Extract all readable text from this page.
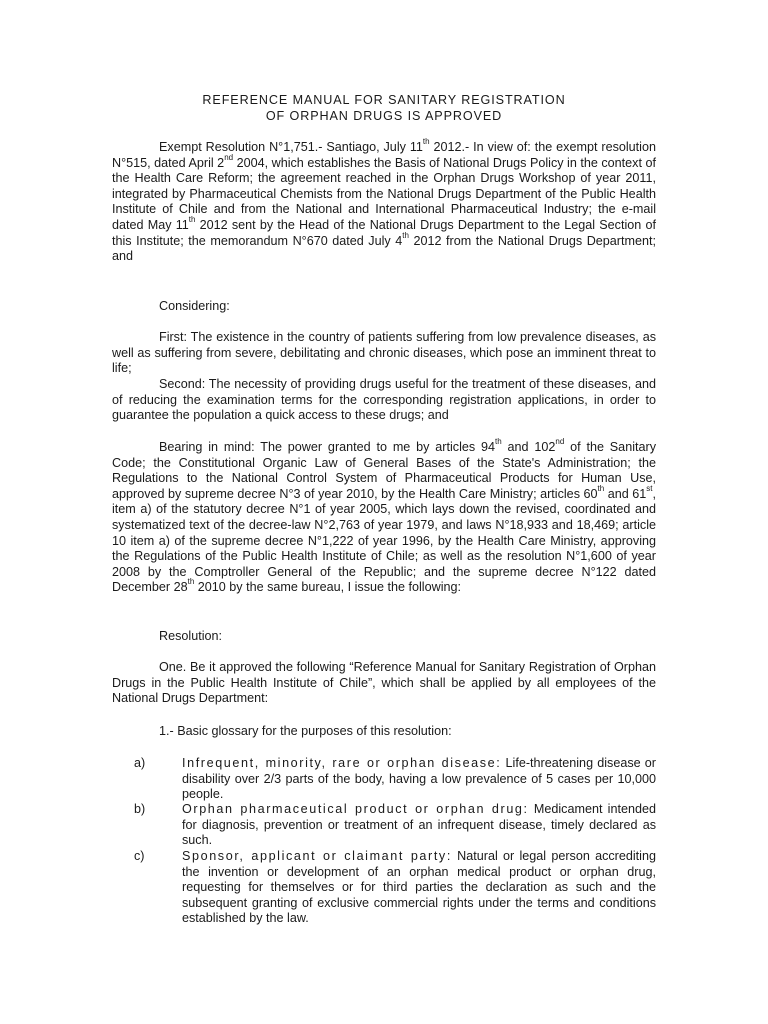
REFERENCE MANUAL FOR SANITARY REGISTRATION
OF ORPHAN DRUGS IS APPROVED

Exempt Resolution N°1,751.- Santiago, July 11th 2012.- In view of: the exempt resolution N°515, dated April 2nd 2004, which establishes the Basis of National Drugs Policy in the context of the Health Care Reform; the agreement reached in the Orphan Drugs Workshop of year 2011, integrated by Pharmaceutical Chemists from the National Drugs Department of the Public Health Institute of Chile and from the National and International Pharmaceutical Industry; the e-mail dated May 11th 2012 sent by the Head of the National Drugs Department to the Legal Section of this Institute; the memorandum N°670 dated July 4th 2012 from the National Drugs Department; and

Considering:

First: The existence in the country of patients suffering from low prevalence diseases, as well as suffering from severe, debilitating and chronic diseases, which pose an imminent threat to life;

Second: The necessity of providing drugs useful for the treatment of these diseases, and of reducing the examination terms for the corresponding registration applications, in order to guarantee the population a quick access to these drugs; and

Bearing in mind: The power granted to me by articles 94th and 102nd of the Sanitary Code; the Constitutional Organic Law of General Bases of the State's Administration; the Regulations to the National Control System of Pharmaceutical Products for Human Use, approved by supreme decree N°3 of year 2010, by the Health Care Ministry; articles 60th and 61st, item a) of the statutory decree N°1 of year 2005, which lays down the revised, coordinated and systematized text of the decree-law N°2,763 of year 1979, and laws N°18,933 and 18,469; article 10 item a) of the supreme decree N°1,222 of year 1996, by the Health Care Ministry, approving the Regulations of the Public Health Institute of Chile; as well as the resolution N°1,600 of year 2008 by the Comptroller General of the Republic; and the supreme decree N°122 dated December 28th 2010 by the same bureau, I issue the following:

Resolution:

One. Be it approved the following “Reference Manual for Sanitary Registration of Orphan Drugs in the Public Health Institute of Chile”, which shall be applied by all employees of the National Drugs Department:

1.- Basic glossary for the purposes of this resolution:
a)	Infrequent, minority, rare or orphan disease: Life-threatening disease or disability over 2/3 parts of the body, having a low prevalence of 5 cases per 10,000 people.
b)	Orphan pharmaceutical product or orphan drug: Medicament intended for diagnosis, prevention or treatment of an infrequent disease, timely declared as such.
c)	Sponsor, applicant or claimant party: Natural or legal person accrediting the invention or development of an orphan medical product or orphan drug, requesting for themselves or for third parties the declaration as such and the subsequent granting of exclusive commercial rights under the terms and conditions established by the law.
